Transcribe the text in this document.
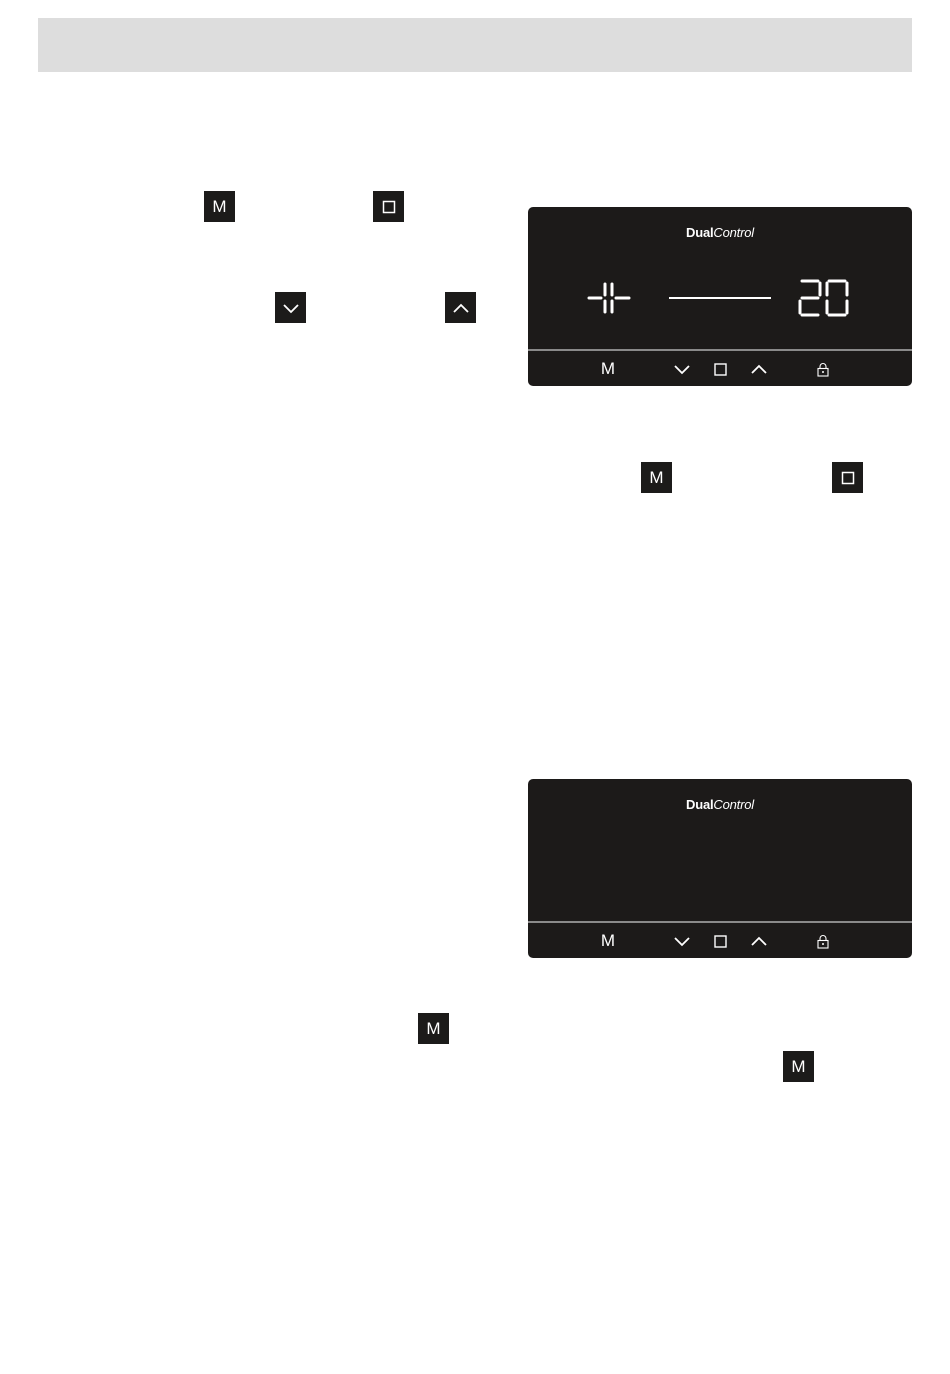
M
DualControl
M
M
DualControl
M
M
M
